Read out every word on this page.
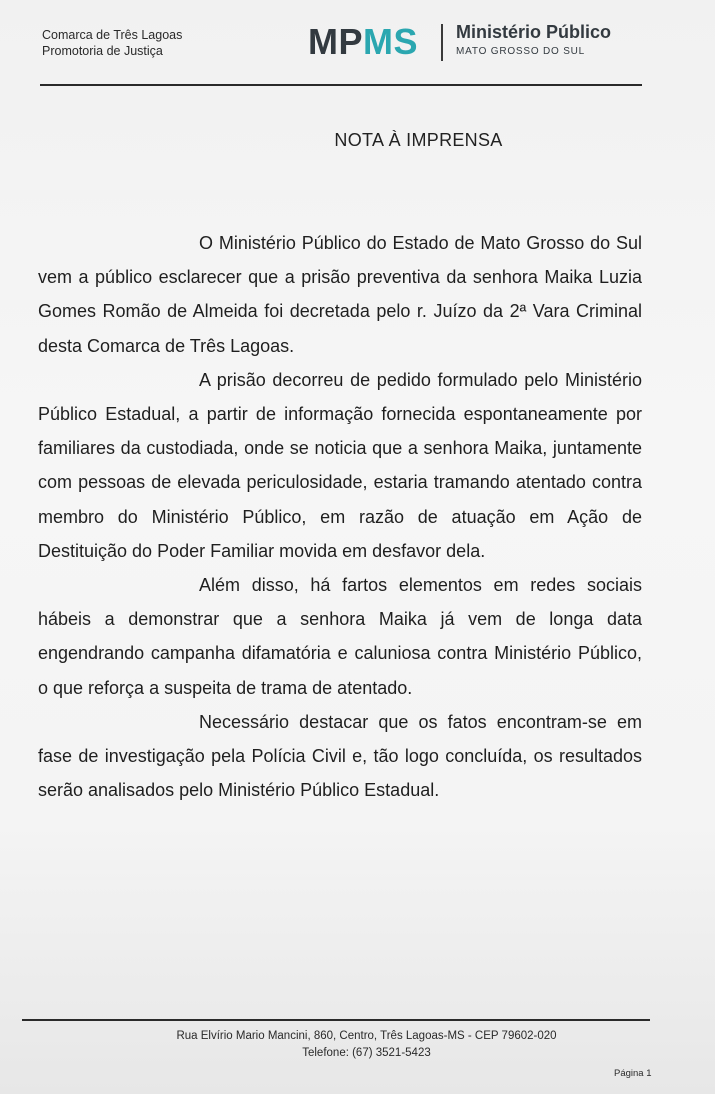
Comarca de Três Lagoas
Promotoria de Justiça	MPMS Ministério Público
MATO GROSSO DO SUL
NOTA À IMPRENSA

O Ministério Público do Estado de Mato Grosso do Sul vem a público esclarecer que a prisão preventiva da senhora Maika Luzia Gomes Romão de Almeida foi decretada pelo r. Juízo da 2ª Vara Criminal desta Comarca de Três Lagoas.

A prisão decorreu de pedido formulado pelo Ministério Público Estadual, a partir de informação fornecida espontaneamente por familiares da custodiada, onde se noticia que a senhora Maika, juntamente com pessoas de elevada periculosidade, estaria tramando atentado contra membro do Ministério Público, em razão de atuação em Ação de Destituição do Poder Familiar movida em desfavor dela.

Além disso, há fartos elementos em redes sociais hábeis a demonstrar que a senhora Maika já vem de longa data engendrando campanha difamatória e caluniosa contra Ministério Público, o que reforça a suspeita de trama de atentado.

Necessário destacar que os fatos encontram-se em fase de investigação pela Polícia Civil e, tão logo concluída, os resultados serão analisados pelo Ministério Público Estadual.

Rua Elvírio Mario Mancini, 860, Centro, Três Lagoas-MS - CEP 79602-020
Telefone: (67) 3521-5423
Página 1
